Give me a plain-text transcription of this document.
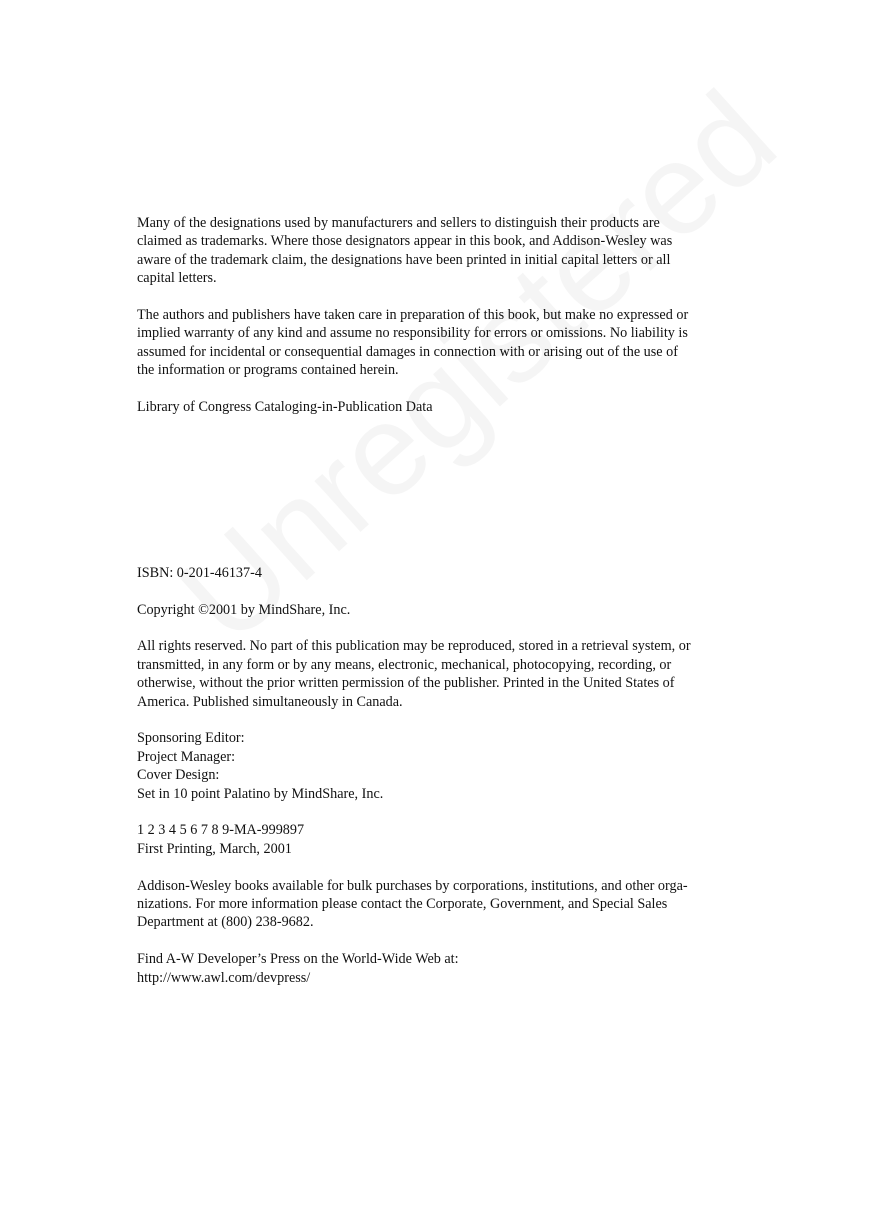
Many of the designations used by manufacturers and sellers to distinguish their products are
claimed as trademarks. Where those designators appear in this book, and Addison-Wesley was
aware of the trademark claim, the designations have been printed in initial capital letters or all
capital letters.

The authors and publishers have taken care in preparation of this book, but make no expressed or
implied warranty of any kind and assume no responsibility for errors or omissions. No liability is
assumed for incidental or consequential damages in connection with or arising out of the use of
the information or programs contained herein.

Library of Congress Cataloging-in-Publication Data

ISBN: 0-201-46137-4

Copyright ©2001 by MindShare, Inc.

All rights reserved. No part of this publication may be reproduced, stored in a retrieval system, or
transmitted, in any form or by any means, electronic, mechanical, photocopying, recording, or
otherwise, without the prior written permission of the publisher. Printed in the United States of
America. Published simultaneously in Canada.

Sponsoring Editor:
Project Manager:
Cover Design:
Set in 10 point Palatino by MindShare, Inc.

1 2 3 4 5 6 7 8 9-MA-999897
First Printing, March, 2001

Addison-Wesley books available for bulk purchases by corporations, institutions, and other orga-
nizations. For more information please contact the Corporate, Government, and Special Sales
Department at (800) 238-9682.

Find A-W Developer’s Press on the World-Wide Web at:
http://www.awl.com/devpress/
